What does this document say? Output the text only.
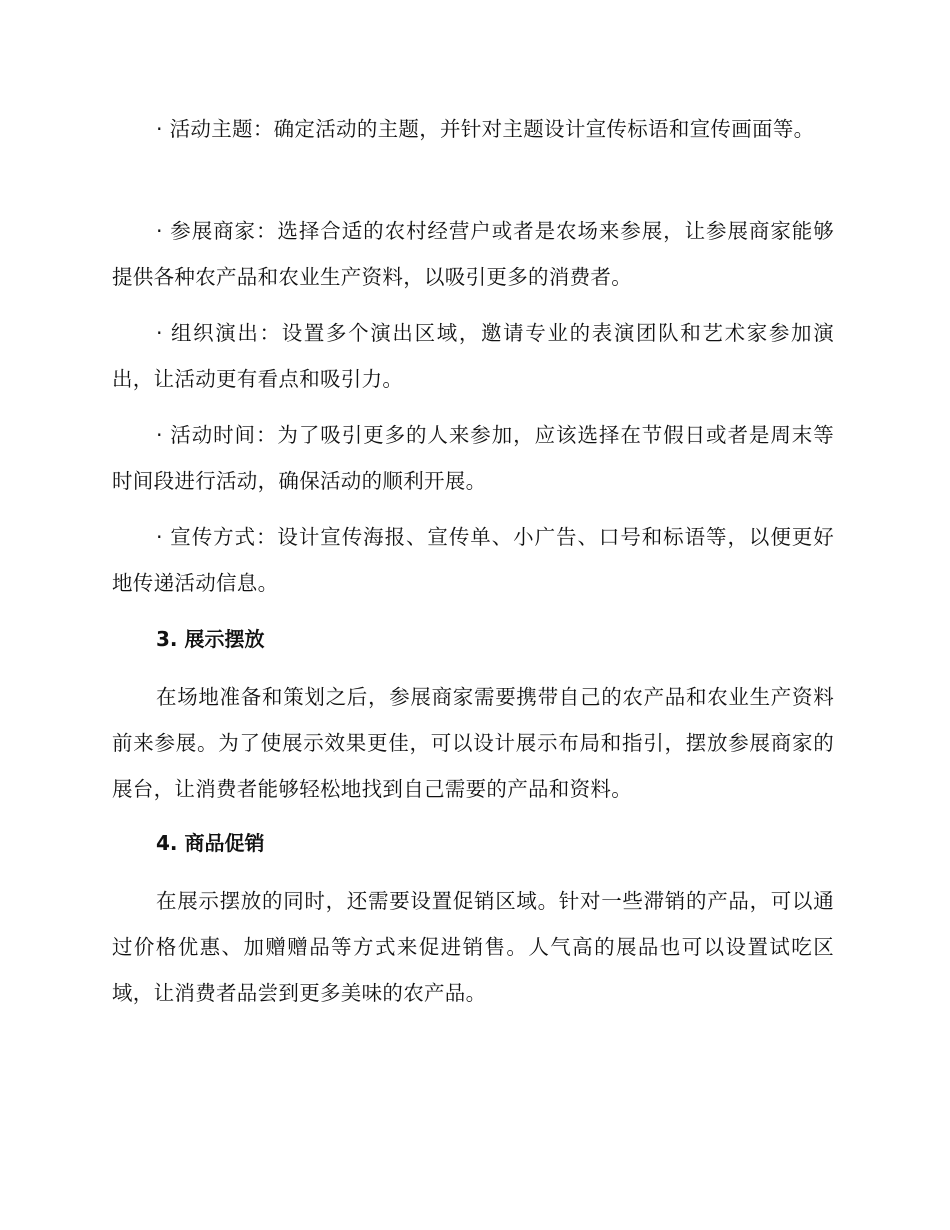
· 活动主题：确定活动的主题，并针对主题设计宣传标语和宣传画面等。

· 参展商家：选择合适的农村经营户或者是农场来参展，让参展商家能够提供各种农产品和农业生产资料，以吸引更多的消费者。

· 组织演出：设置多个演出区域，邀请专业的表演团队和艺术家参加演出，让活动更有看点和吸引力。

· 活动时间：为了吸引更多的人来参加，应该选择在节假日或者是周末等时间段进行活动，确保活动的顺利开展。

· 宣传方式：设计宣传海报、宣传单、小广告、口号和标语等，以便更好地传递活动信息。

3. 展示摆放

在场地准备和策划之后，参展商家需要携带自己的农产品和农业生产资料前来参展。为了使展示效果更佳，可以设计展示布局和指引，摆放参展商家的展台，让消费者能够轻松地找到自己需要的产品和资料。

4. 商品促销

在展示摆放的同时，还需要设置促销区域。针对一些滞销的产品，可以通过价格优惠、加赠赠品等方式来促进销售。人气高的展品也可以设置试吃区域，让消费者品尝到更多美味的农产品。
